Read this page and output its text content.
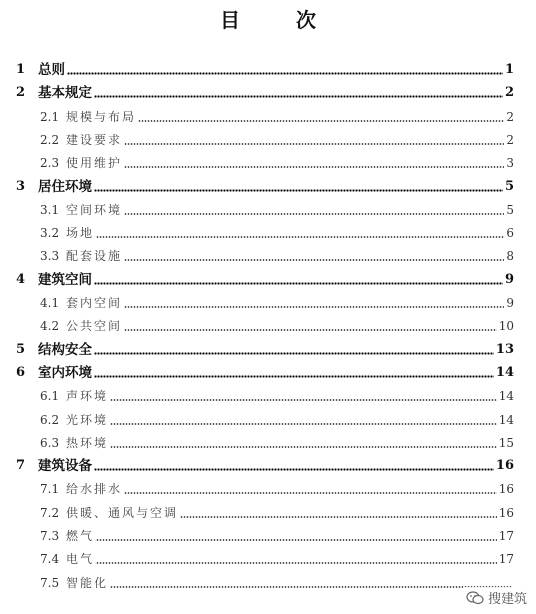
目　次
1 总则	1
2 基本规定	2
2.1 规模与布局	2
2.2 建设要求	2
2.3 使用维护	3
3 居住环境	5
3.1 空间环境	5
3.2 场地	6
3.3 配套设施	8
4 建筑空间	9
4.1 套内空间	9
4.2 公共空间	10
5 结构安全	13
6 室内环境	14
6.1 声环境	14
6.2 光环境	14
6.3 热环境	15
7 建筑设备	16
7.1 给水排水	16
7.2 供暖、通风与空调	16
7.3 燃气	17
7.4 电气	17
7.5 智能化
搜建筑
